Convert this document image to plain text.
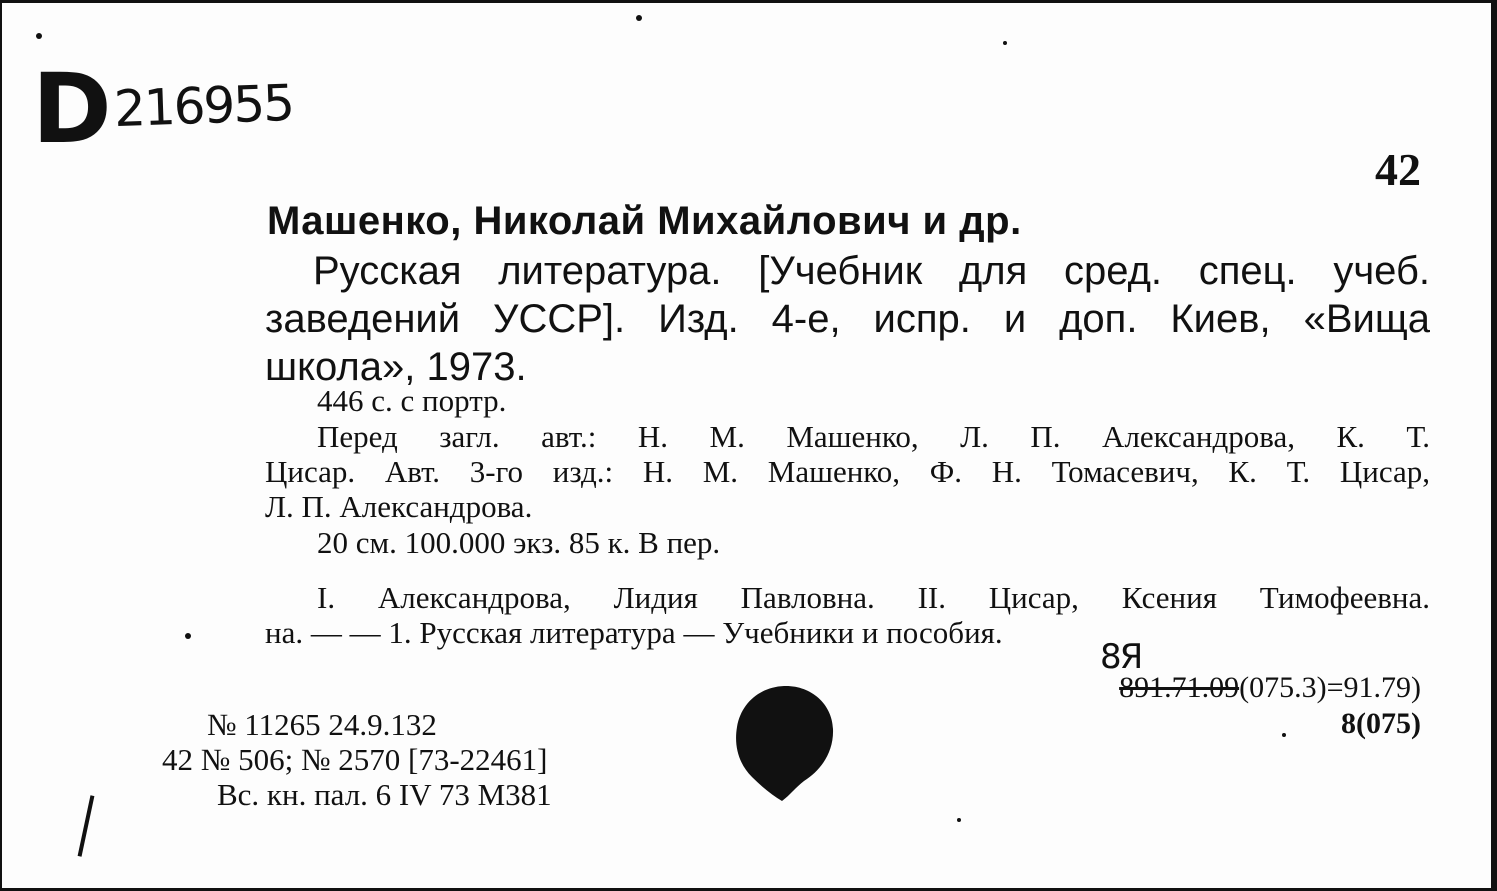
D 216955
42
Машенко, Николай Михайлович и др.
Русская литература. [Учебник для сред. спец. учеб.
заведений УССР]. Изд. 4-е, испр. и доп. Киев, «Вища
школа», 1973.
446 с. с портр.
Перед загл. авт.: Н. М. Машенко, Л. П. Александрова, К. Т.
Цисар. Авт. 3-го изд.: Н. М. Машенко, Ф. Н. Томасевич, К. Т. Цисар,
Л. П. Александрова.
20 см. 100.000 экз. 85 к. В пер.
I. Александрова, Лидия Павловна. II. Цисар, Ксения Тимофеевна.
на. — — 1. Русская литература — Учебники и пособия.
8Я
891.71.09(075.3)=91.79)
8(075)
№ 11265 24.9.132
42 № 506; № 2570 [73-22461]
Вс. кн. пал. 6 IV 73 М381
